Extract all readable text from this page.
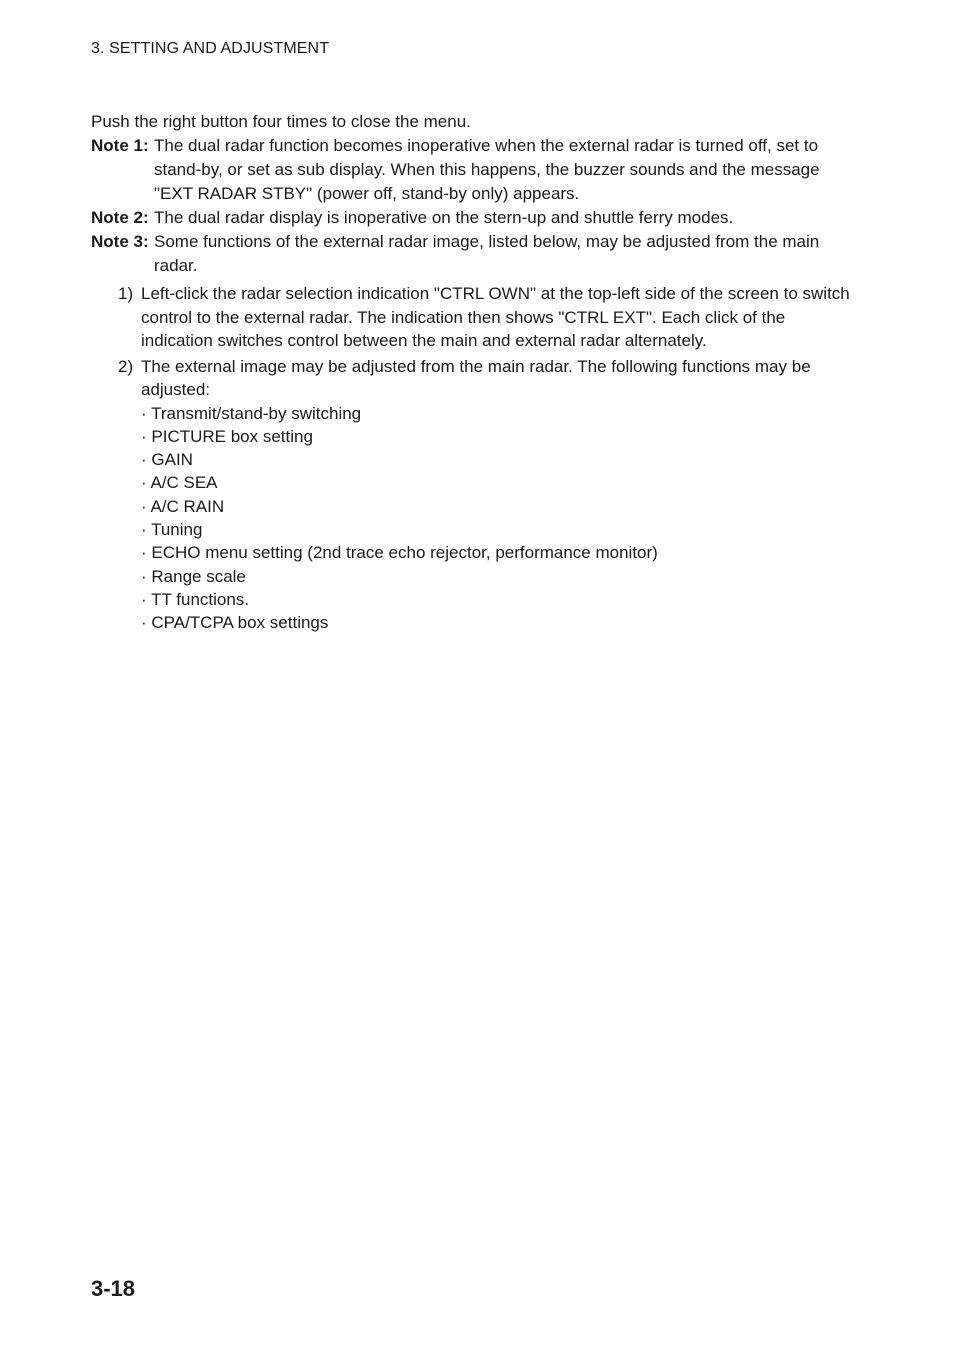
3. SETTING AND ADJUSTMENT

Push the right button four times to close the menu.

Note 1: The dual radar function becomes inoperative when the external radar is turned off, set to stand-by, or set as sub display. When this happens, the buzzer sounds and the message "EXT RADAR STBY" (power off, stand-by only) appears.
Note 2: The dual radar display is inoperative on the stern-up and shuttle ferry modes.
Note 3: Some functions of the external radar image, listed below, may be adjusted from the main radar.
1) Left-click the radar selection indication "CTRL OWN" at the top-left side of the screen to switch control to the external radar. The indication then shows "CTRL EXT". Each click of the indication switches control between the main and external radar alternately.
2) The external image may be adjusted from the main radar. The following functions may be adjusted:
· Transmit/stand-by switching
· PICTURE box setting
· GAIN
· A/C SEA
· A/C RAIN
· Tuning
· ECHO menu setting (2nd trace echo rejector, performance monitor)
· Range scale
· TT functions.
· CPA/TCPA box settings
3-18
